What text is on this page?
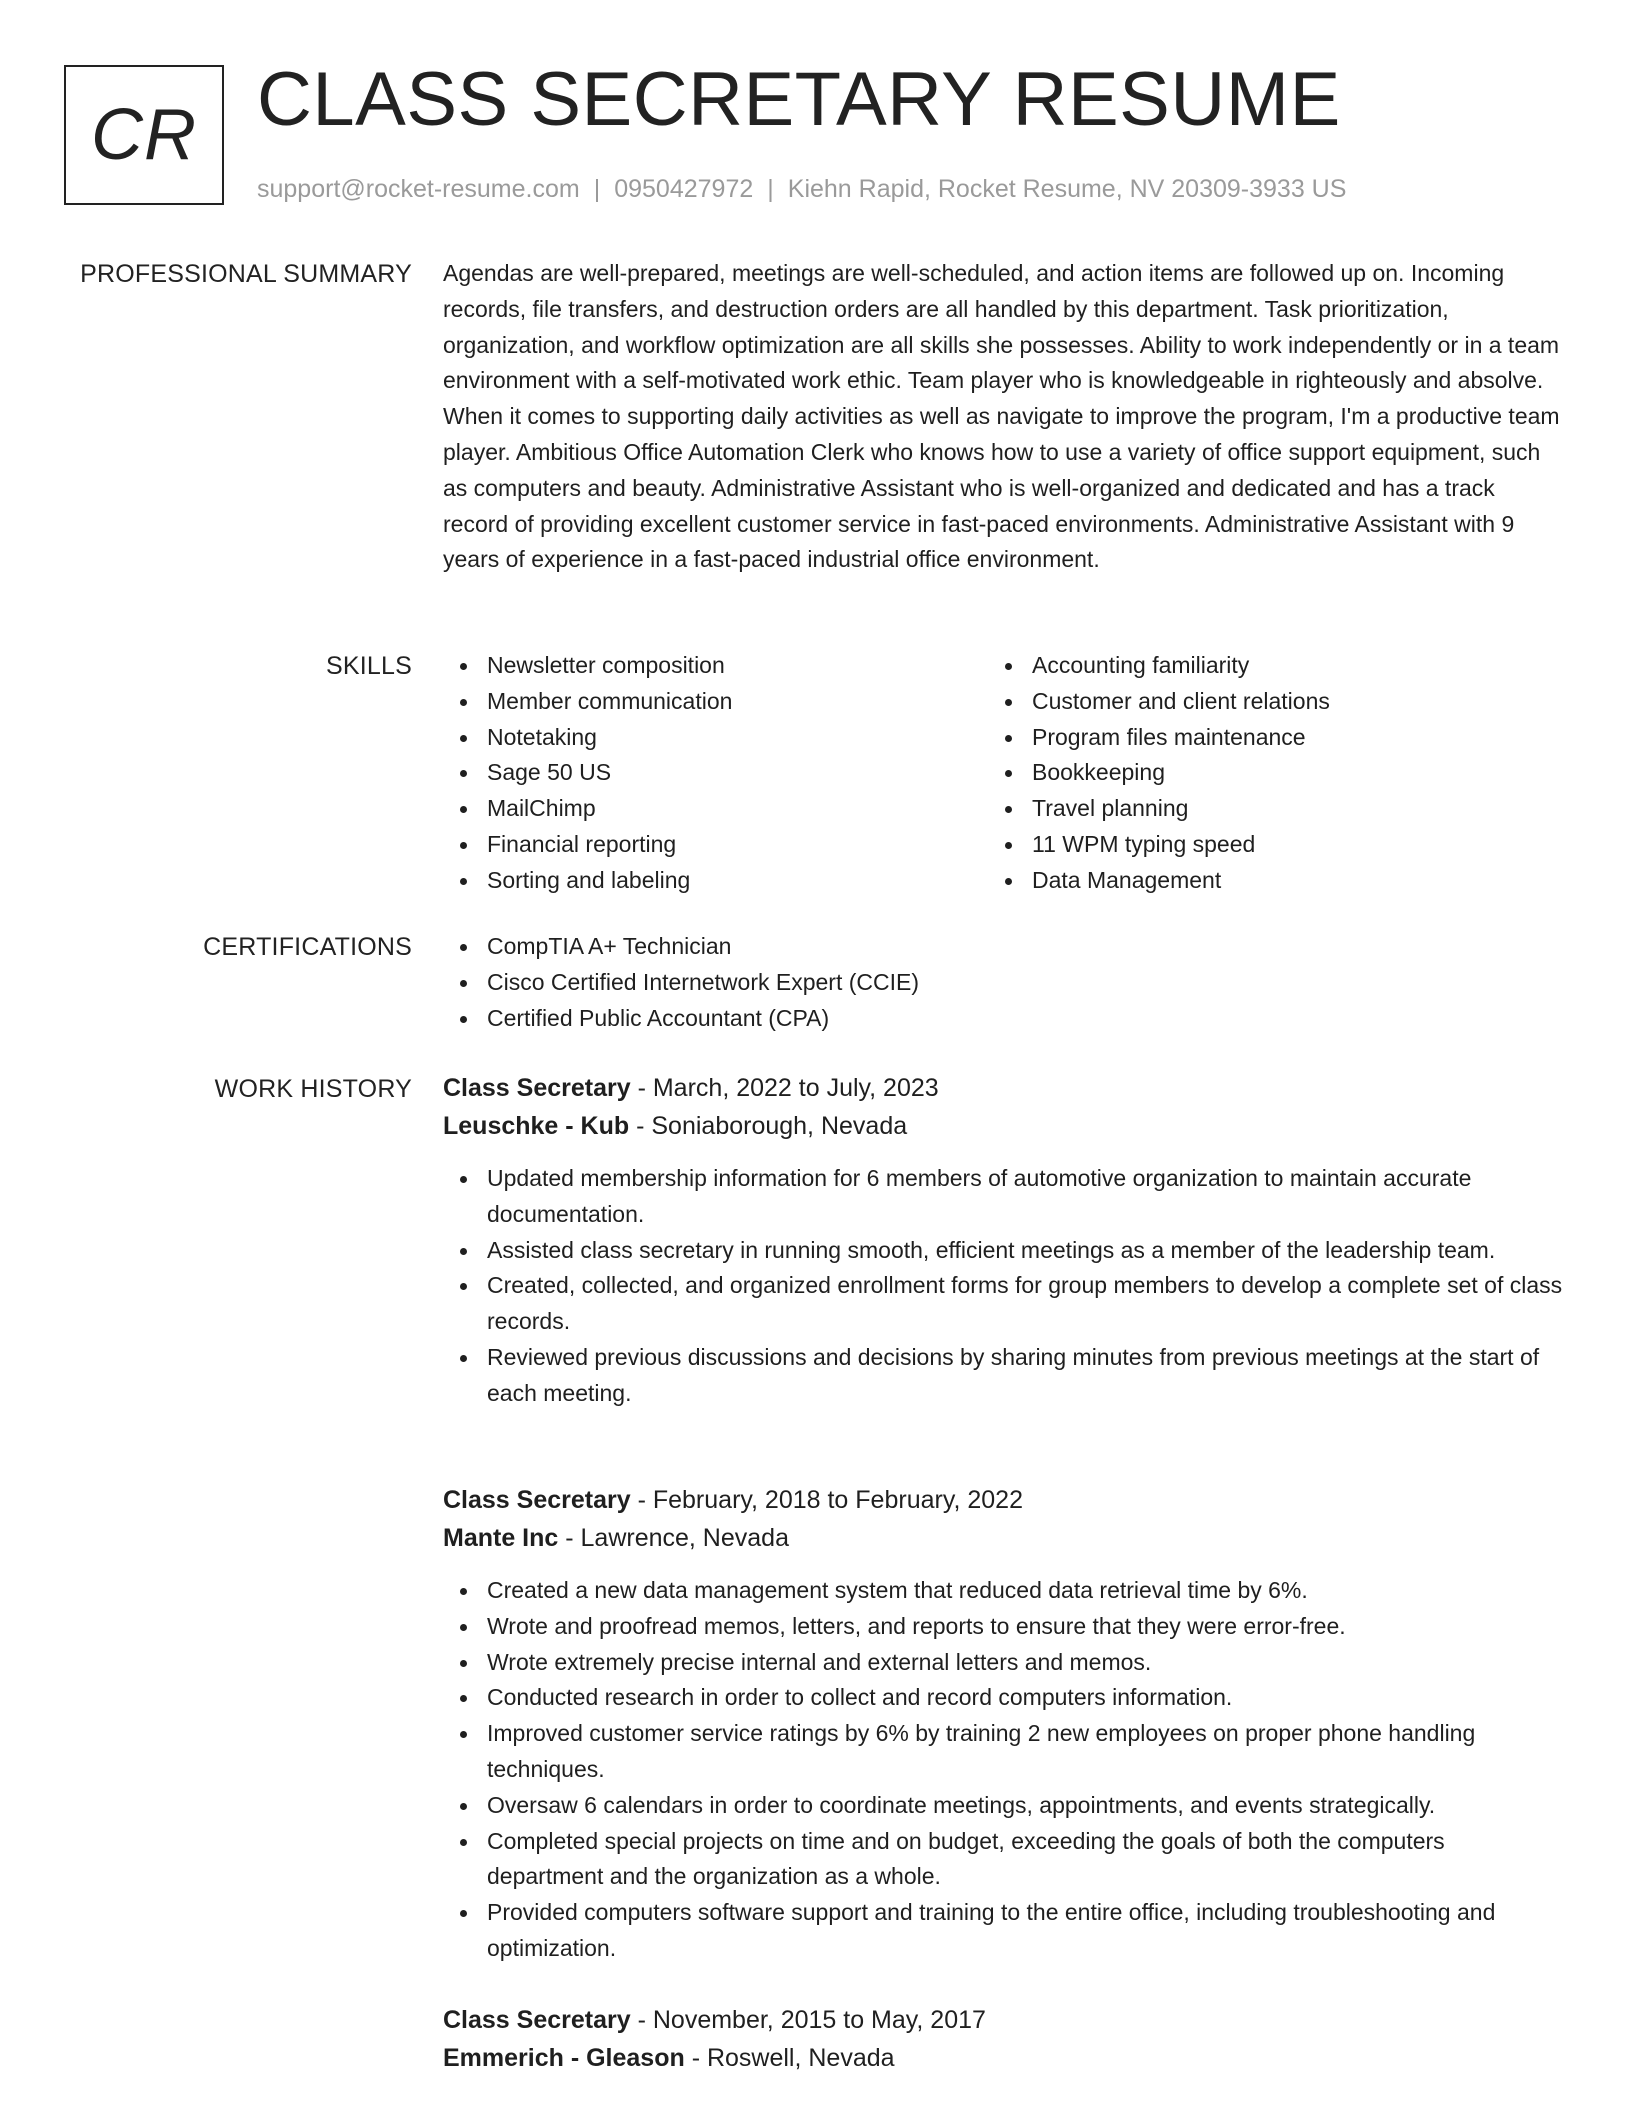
CR CLASS SECRETARY RESUME
support@rocket-resume.com | 0950427972 | Kiehn Rapid, Rocket Resume, NV 20309-3933 US
PROFESSIONAL SUMMARY Agendas are well-prepared, meetings are well-scheduled, and action items are followed up on. Incoming records, file transfers, and destruction orders are all handled by this department. Task prioritization, organization, and workflow optimization are all skills she possesses. Ability to work independently or in a team environment with a self-motivated work ethic. Team player who is knowledgeable in righteously and absolve. When it comes to supporting daily activities as well as navigate to improve the program, I'm a productive team player. Ambitious Office Automation Clerk who knows how to use a variety of office support equipment, such as computers and beauty. Administrative Assistant who is well-organized and dedicated and has a track record of providing excellent customer service in fast-paced environments. Administrative Assistant with 9 years of experience in a fast-paced industrial office environment.

SKILLS	Newsletter composition
Member communication
Notetaking
Sage 50 US
MailChimp
Financial reporting
Sorting and labeling
Accounting familiarity
Customer and client relations
Program files maintenance
Bookkeeping
Travel planning
11 WPM typing speed
Data Management
CERTIFICATIONS	CompTIA A+ Technician
Cisco Certified Internetwork Expert (CCIE)
Certified Public Accountant (CPA)
WORK HISTORY Class Secretary - March, 2022 to July, 2023
Leuschke - Kub - Soniaborough, Nevada
Updated membership information for 6 members of automotive organization to maintain accurate documentation.
Assisted class secretary in running smooth, efficient meetings as a member of the leadership team.
Created, collected, and organized enrollment forms for group members to develop a complete set of class records.
Reviewed previous discussions and decisions by sharing minutes from previous meetings at the start of each meeting.
Class Secretary - February, 2018 to February, 2022
Mante Inc - Lawrence, Nevada
Created a new data management system that reduced data retrieval time by 6%.
Wrote and proofread memos, letters, and reports to ensure that they were error-free.
Wrote extremely precise internal and external letters and memos.
Conducted research in order to collect and record computers information.
Improved customer service ratings by 6% by training 2 new employees on proper phone handling techniques.
Oversaw 6 calendars in order to coordinate meetings, appointments, and events strategically.
Completed special projects on time and on budget, exceeding the goals of both the computers department and the organization as a whole.
Provided computers software support and training to the entire office, including troubleshooting and optimization.
Class Secretary - November, 2015 to May, 2017
Emmerich - Gleason - Roswell, Nevada
